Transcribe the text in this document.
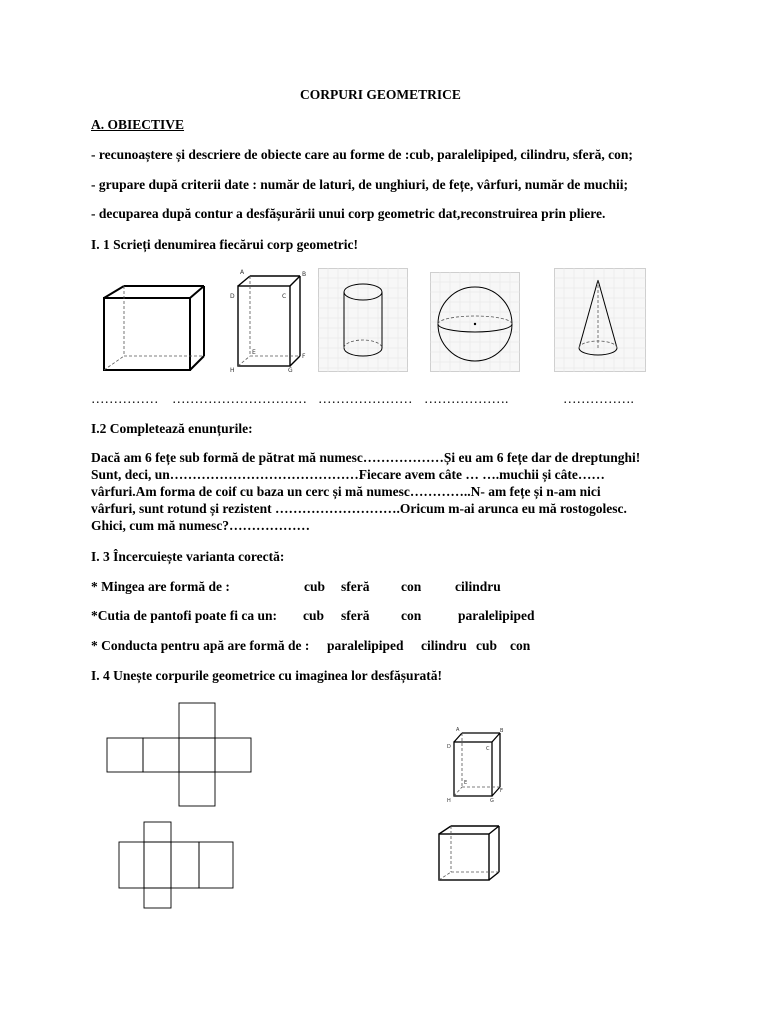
CORPURI GEOMETRICE
A. OBIECTIVE
- recunoaștere și descriere de obiecte care au forme de :cub, paralelipiped, cilindru, sferă, con;
- grupare după criterii date : număr de laturi, de unghiuri, de fețe, vârfuri, număr de muchii;
- decuparea după contur a desfășurării unui corp geometric dat,reconstruirea prin pliere.
I. 1 Scrieți denumirea fiecărui corp geometric!
A	B
C
D
E
F
G
H
…………… ………………………… ………………… ……………….	…………….
I.2 Completează enunțurile:
Dacă am 6 fețe sub formă de pătrat mă numesc………………Și eu am 6 fețe dar de dreptunghi!
Sunt, deci, un……………………………………Fiecare avem câte … ….muchii și câte……
vârfuri.Am forma de coif cu baza un cerc și mă numesc…………..N- am fețe și n-am nici
vârfuri, sunt rotund și rezistent ……………………….Oricum m-ai arunca eu mă rostogolesc.
Ghici, cum mă numesc?………………
I. 3 Încercuiește varianta corectă:
* Mingea are formă de :	cub sferă con	cilindru
*Cutia de pantofi poate fi ca un: cub sferă con	paralelipiped
* Conducta pentru apă are formă de : paralelipiped cilindru cub con
I. 4 Unește corpurile geometrice cu imaginea lor desfășurată!
A	B
C
D
E
F
G
H
